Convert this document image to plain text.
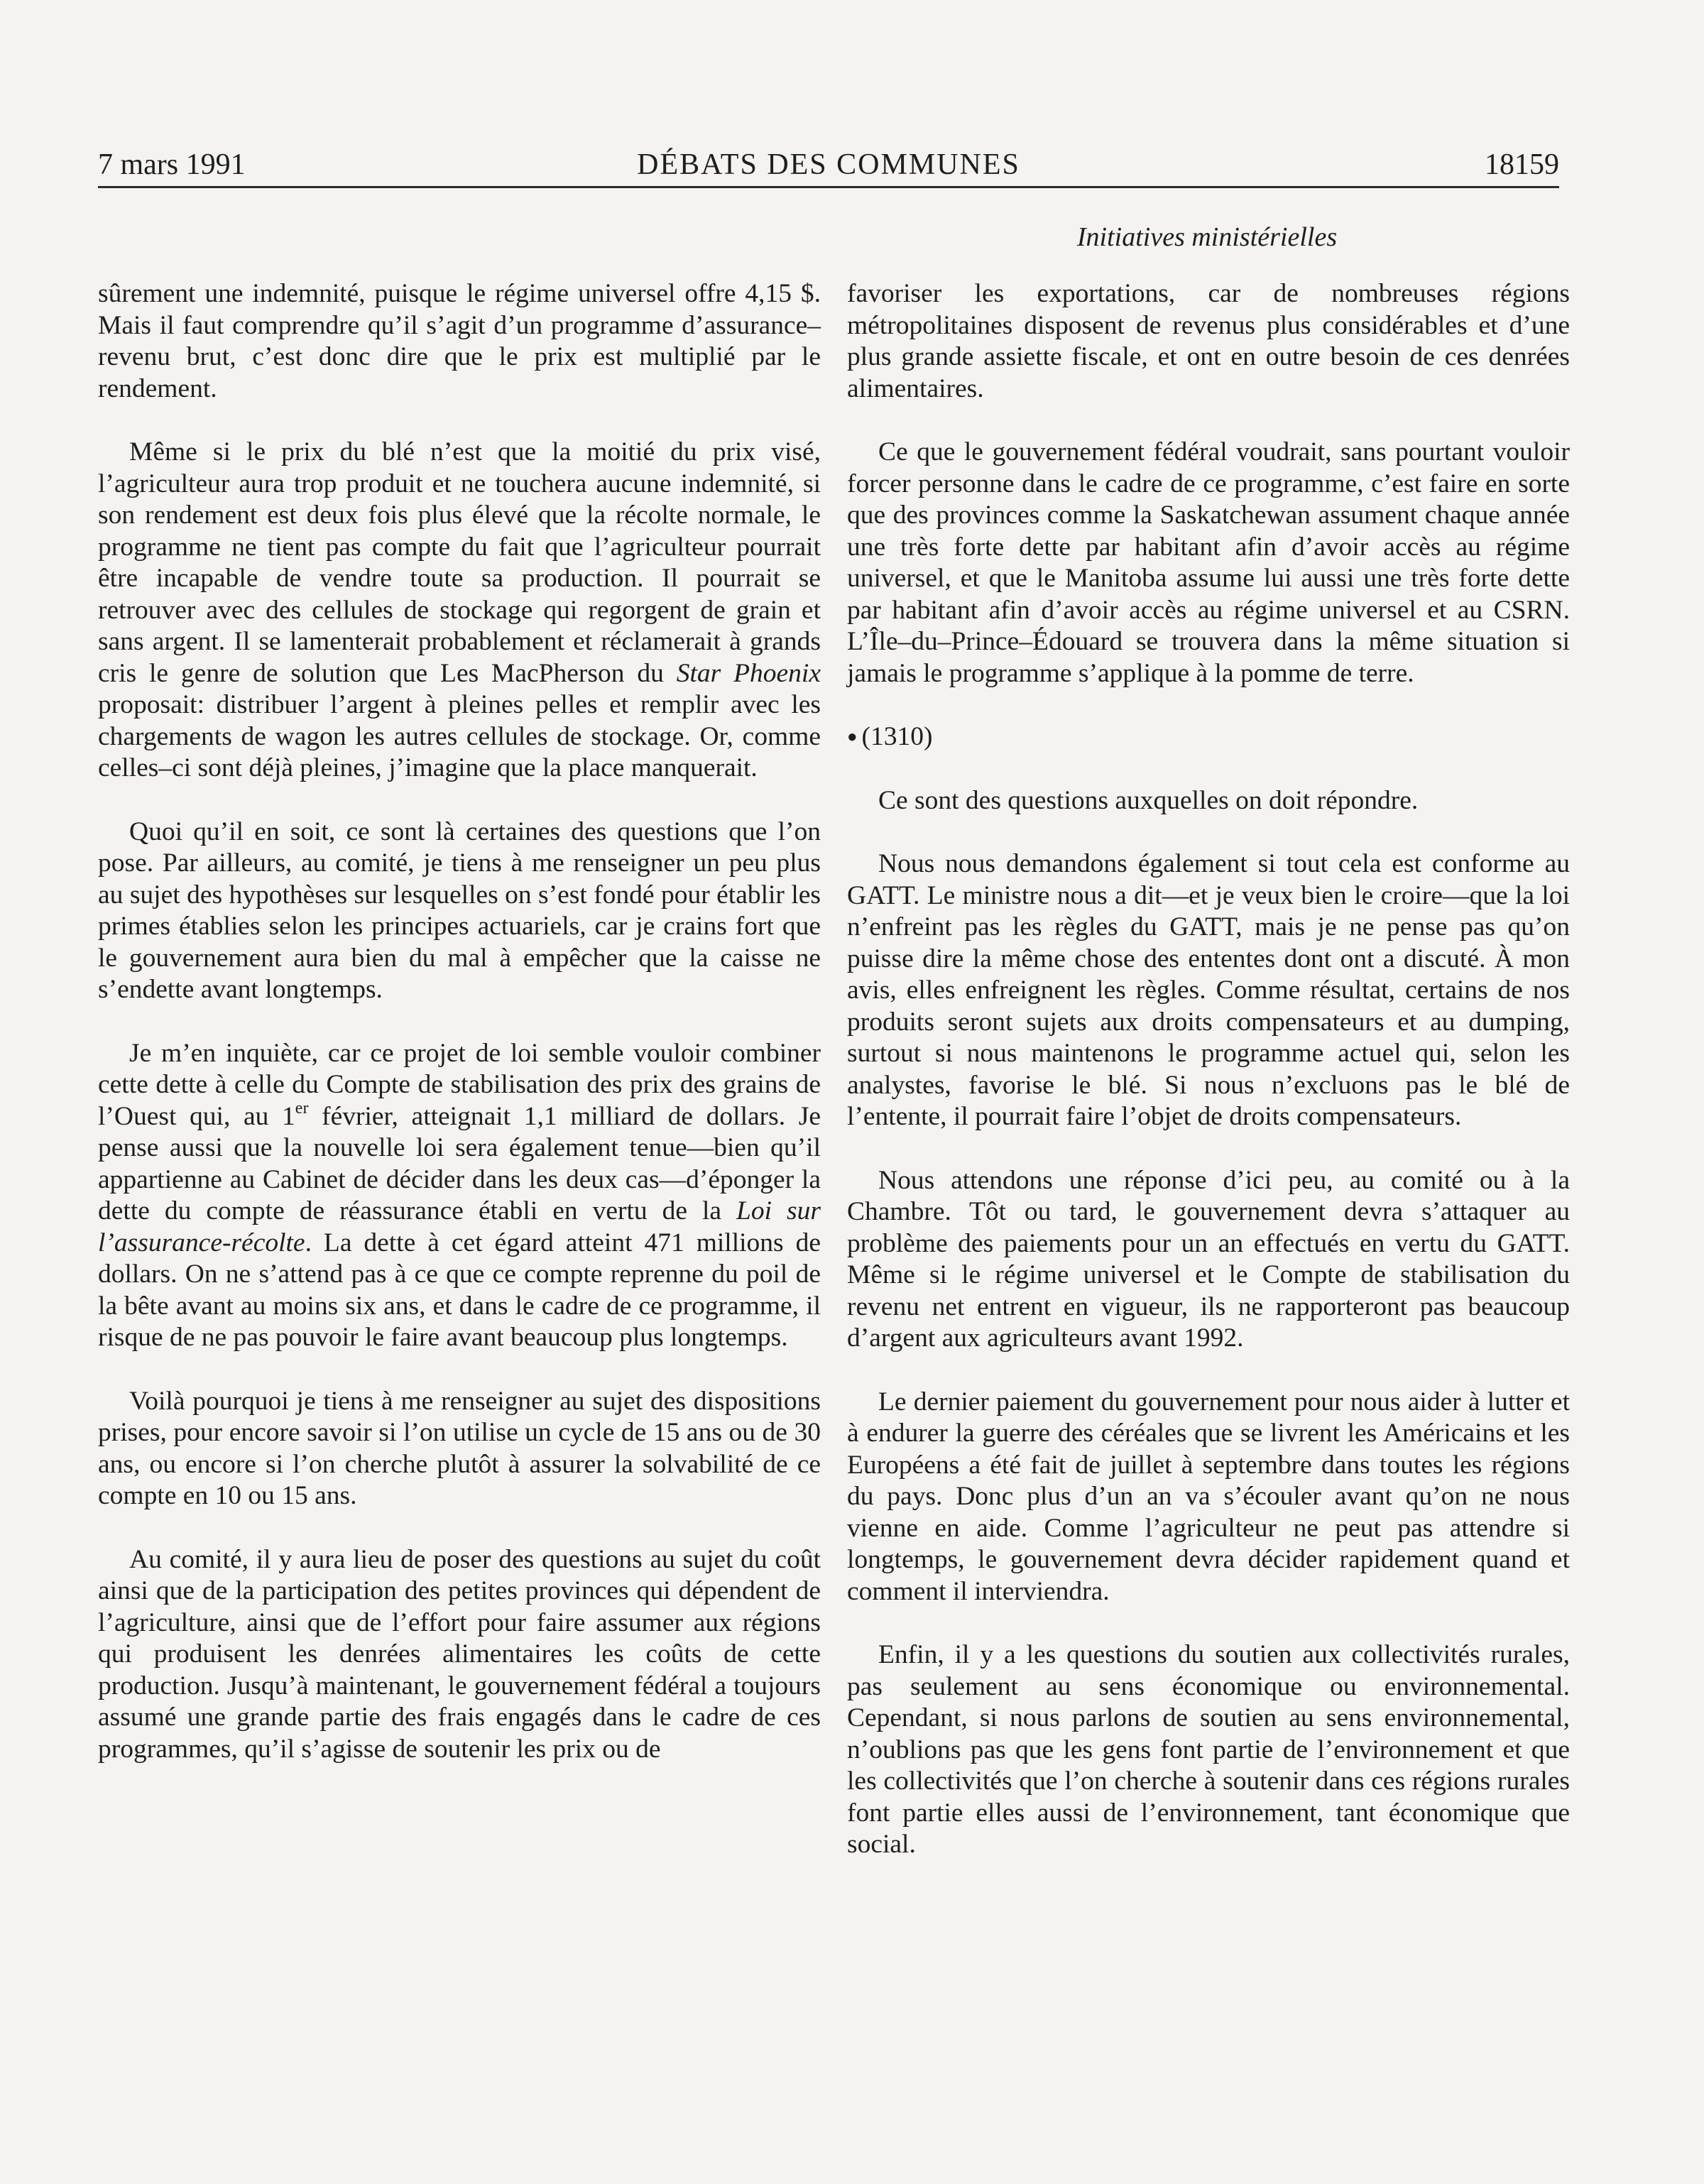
7 mars 1991	DÉBATS DES COMMUNES	18159
Initiatives ministérielles

sûrement une indemnité, puisque le régime universel offre 4,15 $. Mais il faut comprendre qu’il s’agit d’un programme d’assurance–revenu brut, c’est donc dire que le prix est multiplié par le rendement.

Même si le prix du blé n’est que la moitié du prix visé, l’agriculteur aura trop produit et ne touchera aucune indemnité, si son rendement est deux fois plus élevé que la récolte normale, le programme ne tient pas compte du fait que l’agriculteur pourrait être incapable de vendre toute sa production. Il pourrait se retrouver avec des cellules de stockage qui regorgent de grain et sans argent. Il se lamenterait probablement et réclamerait à grands cris le genre de solution que Les MacPherson du Star Phoenix proposait: distribuer l’argent à pleines pelles et remplir avec les chargements de wagon les autres cellules de stockage. Or, comme celles–ci sont déjà pleines, j’imagine que la place manquerait.

Quoi qu’il en soit, ce sont là certaines des questions que l’on pose. Par ailleurs, au comité, je tiens à me renseigner un peu plus au sujet des hypothèses sur lesquelles on s’est fondé pour établir les primes établies selon les principes actuariels, car je crains fort que le gouvernement aura bien du mal à empêcher que la caisse ne s’endette avant longtemps.

Je m’en inquiète, car ce projet de loi semble vouloir combiner cette dette à celle du Compte de stabilisation des prix des grains de l’Ouest qui, au 1er février, atteignait 1,1 milliard de dollars. Je pense aussi que la nouvelle loi sera également tenue—bien qu’il appartienne au Cabinet de décider dans les deux cas—d’éponger la dette du compte de réassurance établi en vertu de la Loi sur l’assurance-récolte. La dette à cet égard atteint 471 millions de dollars. On ne s’attend pas à ce que ce compte reprenne du poil de la bête avant au moins six ans, et dans le cadre de ce programme, il risque de ne pas pouvoir le faire avant beaucoup plus longtemps.

Voilà pourquoi je tiens à me renseigner au sujet des dispositions prises, pour encore savoir si l’on utilise un cycle de 15 ans ou de 30 ans, ou encore si l’on cherche plutôt à assurer la solvabilité de ce compte en 10 ou 15 ans.

Au comité, il y aura lieu de poser des questions au sujet du coût ainsi que de la participation des petites provinces qui dépendent de l’agriculture, ainsi que de l’effort pour faire assumer aux régions qui produisent les denrées alimentaires les coûts de cette production. Jusqu’à maintenant, le gouvernement fédéral a toujours assumé une grande partie des frais engagés dans le cadre de ces programmes, qu’il s’agisse de soutenir les prix ou de

favoriser les exportations, car de nombreuses régions métropolitaines disposent de revenus plus considérables et d’une plus grande assiette fiscale, et ont en outre besoin de ces denrées alimentaires.

Ce que le gouvernement fédéral voudrait, sans pourtant vouloir forcer personne dans le cadre de ce programme, c’est faire en sorte que des provinces comme la Saskatchewan assument chaque année une très forte dette par habitant afin d’avoir accès au régime universel, et que le Manitoba assume lui aussi une très forte dette par habitant afin d’avoir accès au régime universel et au CSRN. L’Île–du–Prince–Édouard se trouvera dans la même situation si jamais le programme s’applique à la pomme de terre.

● (1310)

Ce sont des questions auxquelles on doit répondre.

Nous nous demandons également si tout cela est conforme au GATT. Le ministre nous a dit—et je veux bien le croire—que la loi n’enfreint pas les règles du GATT, mais je ne pense pas qu’on puisse dire la même chose des ententes dont ont a discuté. À mon avis, elles enfreignent les règles. Comme résultat, certains de nos produits seront sujets aux droits compensateurs et au dumping, surtout si nous maintenons le programme actuel qui, selon les analystes, favorise le blé. Si nous n’excluons pas le blé de l’entente, il pourrait faire l’objet de droits compensateurs.

Nous attendons une réponse d’ici peu, au comité ou à la Chambre. Tôt ou tard, le gouvernement devra s’attaquer au problème des paiements pour un an effectués en vertu du GATT. Même si le régime universel et le Compte de stabilisation du revenu net entrent en vigueur, ils ne rapporteront pas beaucoup d’argent aux agriculteurs avant 1992.

Le dernier paiement du gouvernement pour nous aider à lutter et à endurer la guerre des céréales que se livrent les Américains et les Européens a été fait de juillet à septembre dans toutes les régions du pays. Donc plus d’un an va s’écouler avant qu’on ne nous vienne en aide. Comme l’agriculteur ne peut pas attendre si longtemps, le gouvernement devra décider rapidement quand et comment il interviendra.

Enfin, il y a les questions du soutien aux collectivités rurales, pas seulement au sens économique ou environnemental. Cependant, si nous parlons de soutien au sens environnemental, n’oublions pas que les gens font partie de l’environnement et que les collectivités que l’on cherche à soutenir dans ces régions rurales font partie elles aussi de l’environnement, tant économique que social.
